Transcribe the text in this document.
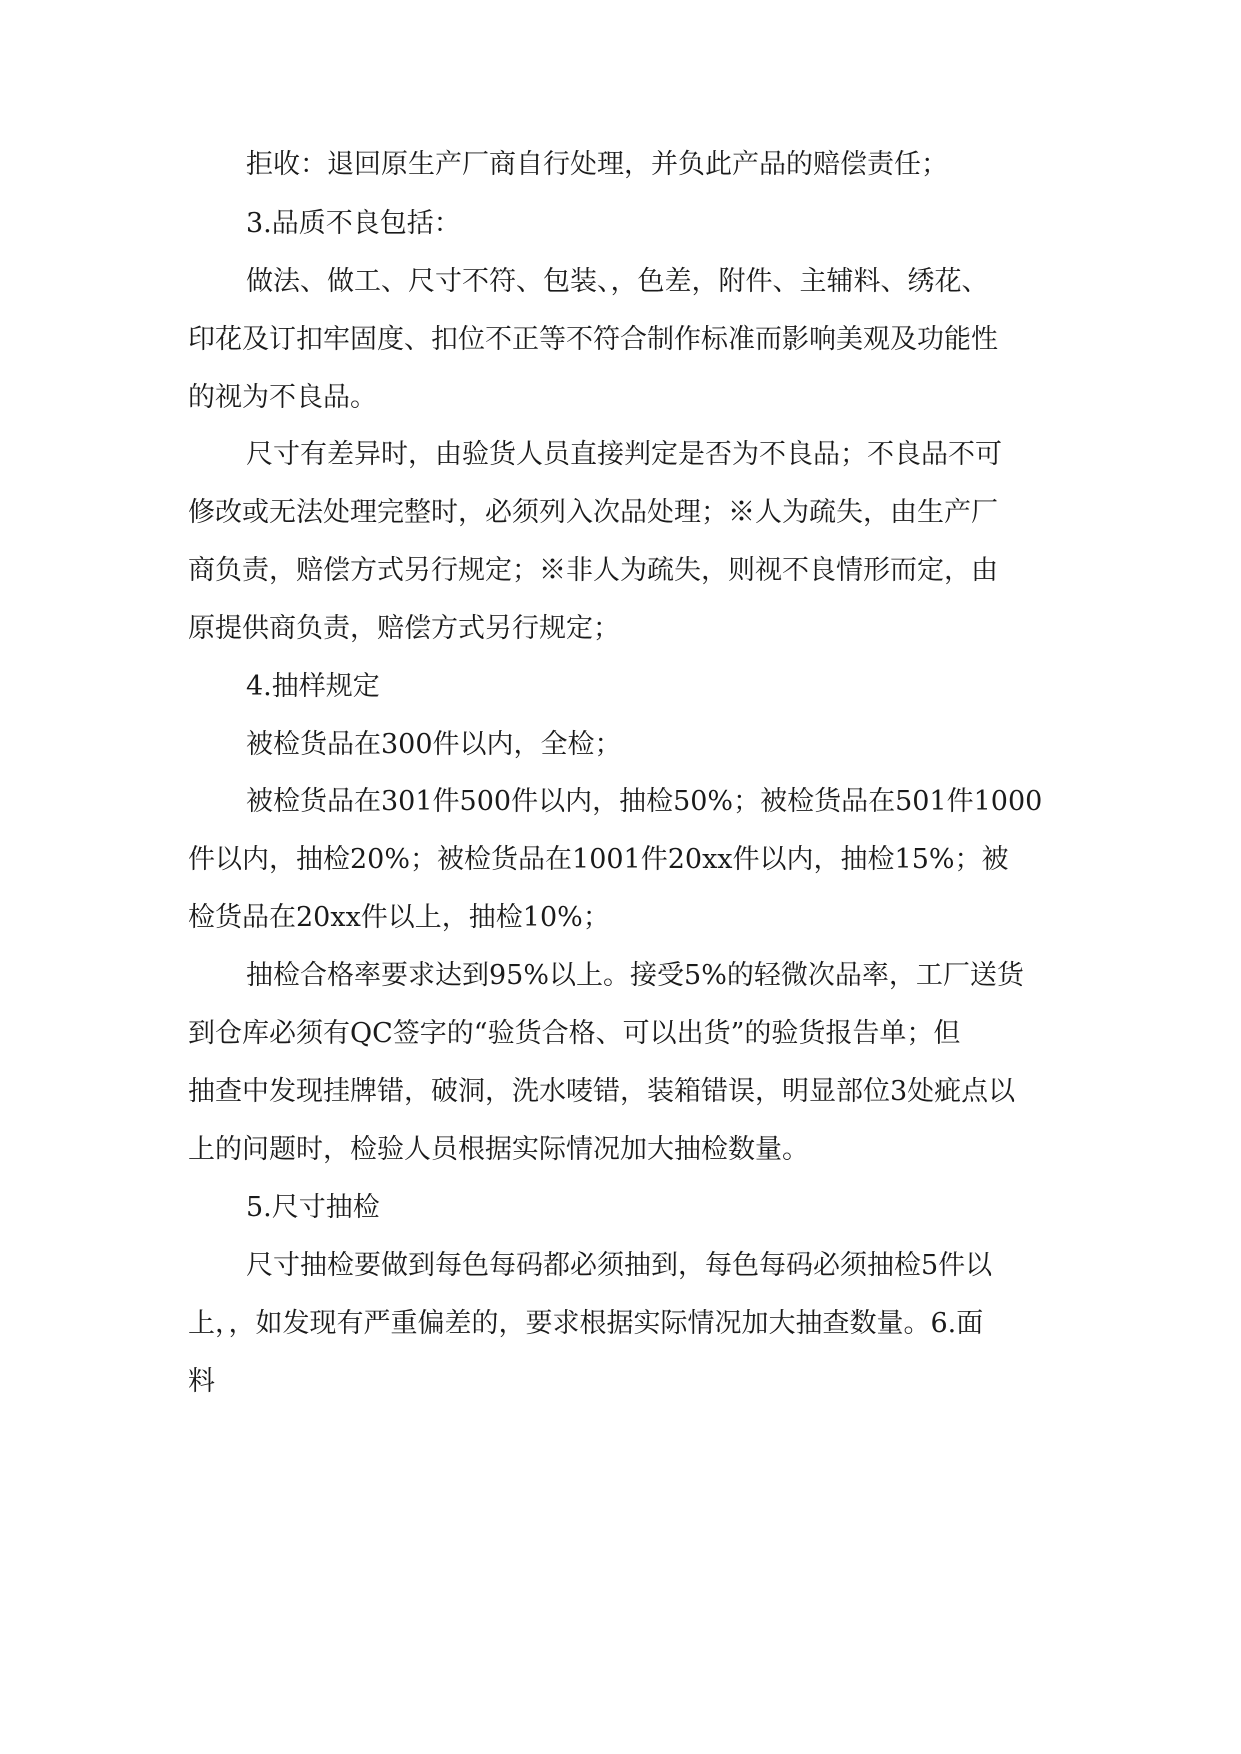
拒收：退回原生产厂商自行处理，并负此产品的赔偿责任；
3.品质不良包括：
做法、做工、尺寸不符、包装、，色差，附件、主辅料、绣花、
印花及订扣牢固度、扣位不正等不符合制作标准而影响美观及功能性
的视为不良品。
尺寸有差异时，由验货人员直接判定是否为不良品；不良品不可
修改或无法处理完整时，必须列入次品处理；※人为疏失，由生产厂
商负责，赔偿方式另行规定；※非人为疏失，则视不良情形而定，由
原提供商负责，赔偿方式另行规定；
4.抽样规定
被检货品在300件以内，全检；
被检货品在301件500件以内，抽检50%；被检货品在501件1000
件以内，抽检20%；被检货品在1001件20xx件以内，抽检15%；被
检货品在20xx件以上，抽检10%；
抽检合格率要求达到95%以上。接受5%的轻微次品率，工厂送货
到仓库必须有QC签字的“验货合格、可以出货”的验货报告单；但
抽查中发现挂牌错，破洞，洗水唛错，装箱错误，明显部位3处疵点以
上的问题时，检验人员根据实际情况加大抽检数量。
5.尺寸抽检
尺寸抽检要做到每色每码都必须抽到，每色每码必须抽检5件以
上，，如发现有严重偏差的，要求根据实际情况加大抽查数量。6.面
料
